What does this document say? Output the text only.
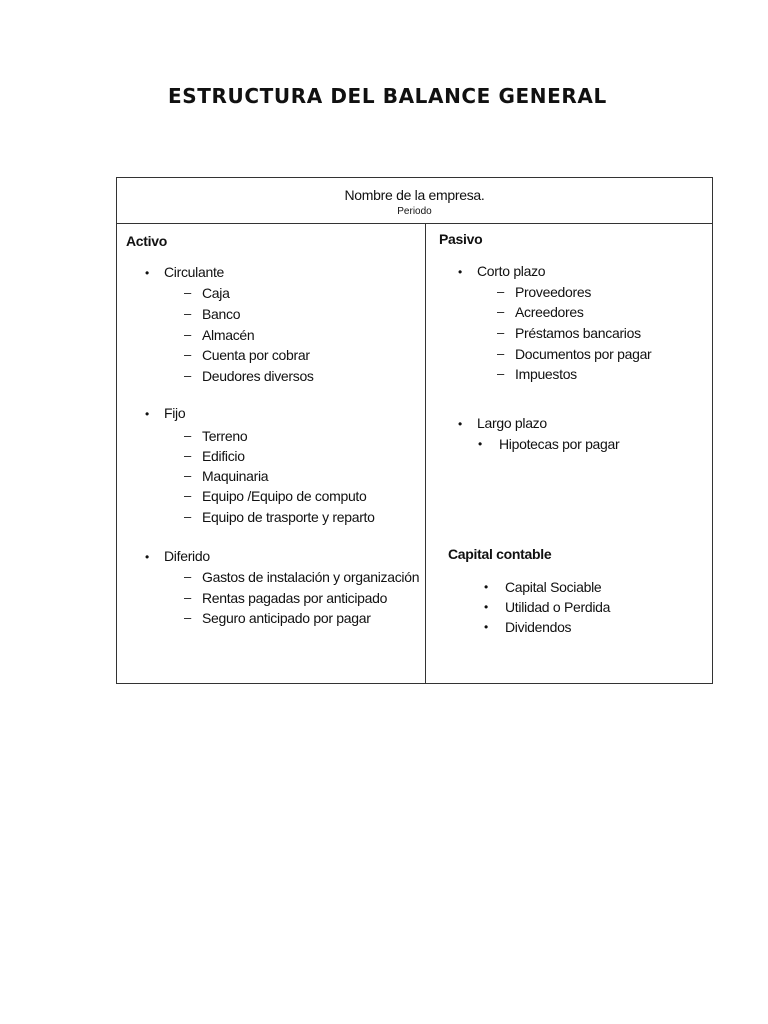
ESTRUCTURA DEL BALANCE GENERAL
Nombre de la empresa.
Periodo
Activo
• Circulante
– Caja
– Banco
– Almacén
– Cuenta por cobrar
– Deudores diversos
• Fijo
– Terreno
– Edificio
– Maquinaria
– Equipo /Equipo de computo
– Equipo de trasporte y reparto
• Diferido
– Gastos de instalación y organización
– Rentas pagadas por anticipado
– Seguro anticipado por pagar
Pasivo
• Corto plazo
– Proveedores
– Acreedores
– Préstamos bancarios
– Documentos por pagar
– Impuestos
• Largo plazo
• Hipotecas por pagar
Capital contable
• Capital Sociable
• Utilidad o Perdida
• Dividendos
